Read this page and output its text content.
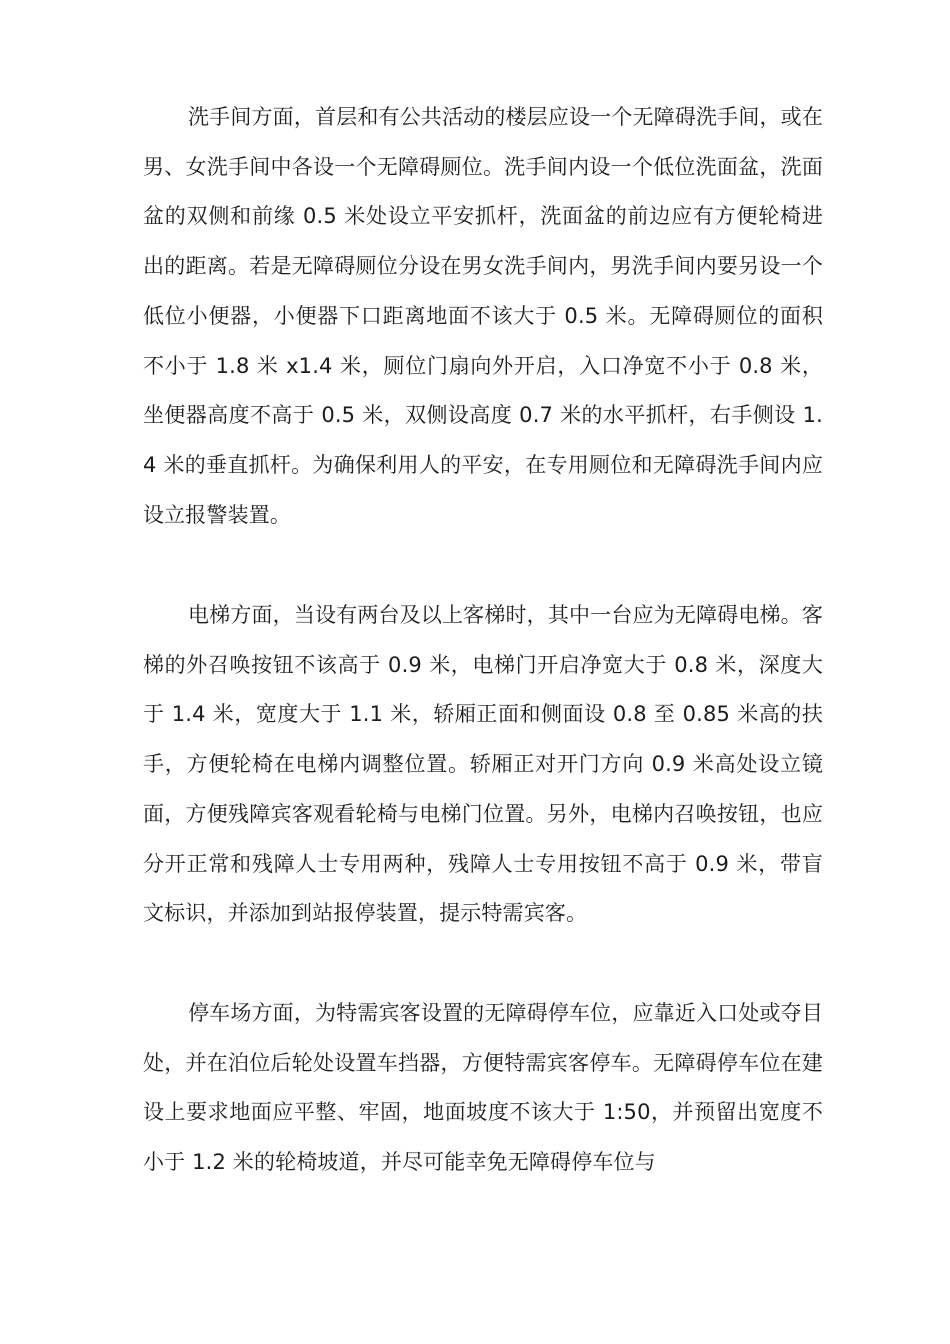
洗手间方面，首层和有公共活动的楼层应设一个无障碍洗手间，或在男、女洗手间中各设一个无障碍厕位。洗手间内设一个低位洗面盆，洗面盆的双侧和前缘 0.5 米处设立平安抓杆，洗面盆的前边应有方便轮椅进出的距离。若是无障碍厕位分设在男女洗手间内，男洗手间内要另设一个低位小便器，小便器下口距离地面不该大于 0.5 米。无障碍厕位的面积不小于 1.8 米 x1.4 米，厕位门扇向外开启，入口净宽不小于 0.8 米，坐便器高度不高于 0.5 米，双侧设高度 0.7 米的水平抓杆，右手侧设 1.4 米的垂直抓杆。为确保利用人的平安，在专用厕位和无障碍洗手间内应设立报警装置。

电梯方面，当设有两台及以上客梯时，其中一台应为无障碍电梯。客梯的外召唤按钮不该高于 0.9 米，电梯门开启净宽大于 0.8 米，深度大于 1.4 米，宽度大于 1.1 米，轿厢正面和侧面设 0.8 至 0.85 米高的扶手，方便轮椅在电梯内调整位置。轿厢正对开门方向 0.9 米高处设立镜面，方便残障宾客观看轮椅与电梯门位置。另外，电梯内召唤按钮，也应分开正常和残障人士专用两种，残障人士专用按钮不高于 0.9 米，带盲文标识，并添加到站报停装置，提示特需宾客。

停车场方面，为特需宾客设置的无障碍停车位，应靠近入口处或夺目处，并在泊位后轮处设置车挡器，方便特需宾客停车。无障碍停车位在建设上要求地面应平整、牢固，地面坡度不该大于 1:50，并预留出宽度不小于 1.2 米的轮椅坡道，并尽可能幸免无障碍停车位与
